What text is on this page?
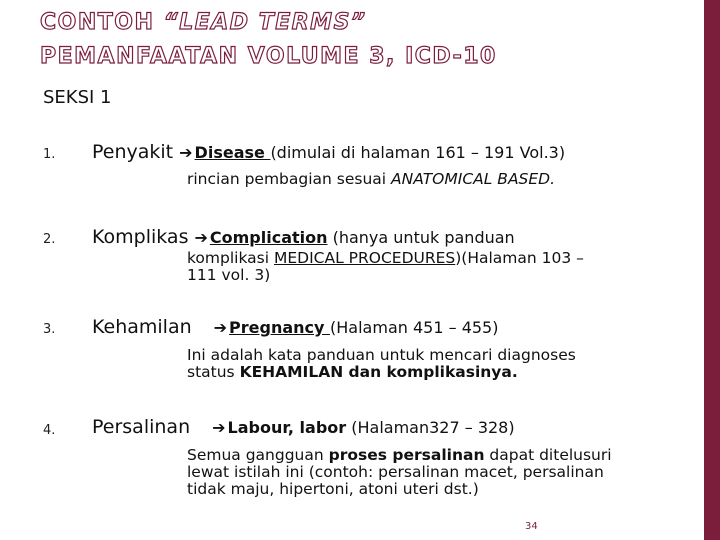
CONTOH “LEAD TERMS”
PEMANFAATAN VOLUME 3, ICD-10
SEKSI 1
1. Penyakit ➔ Disease (dimulai di halaman 161 – 191 Vol.3)
rincian pembagian sesuai ANATOMICAL BASED.
2. Komplikas ➔ Complication (hanya untuk panduan
komplikasi MEDICAL PROCEDURES)(Halaman 103 –
111 vol. 3)
3. Kehamilan ➔ Pregnancy (Halaman 451 – 455)
Ini adalah kata panduan untuk mencari diagnoses
status KEHAMILAN dan komplikasinya.
4. Persalinan ➔ Labour, labor (Halaman327 – 328)
Semua gangguan proses persalinan dapat ditelusuri
lewat istilah ini (contoh: persalinan macet, persalinan
tidak maju, hipertoni, atoni uteri dst.)
34
